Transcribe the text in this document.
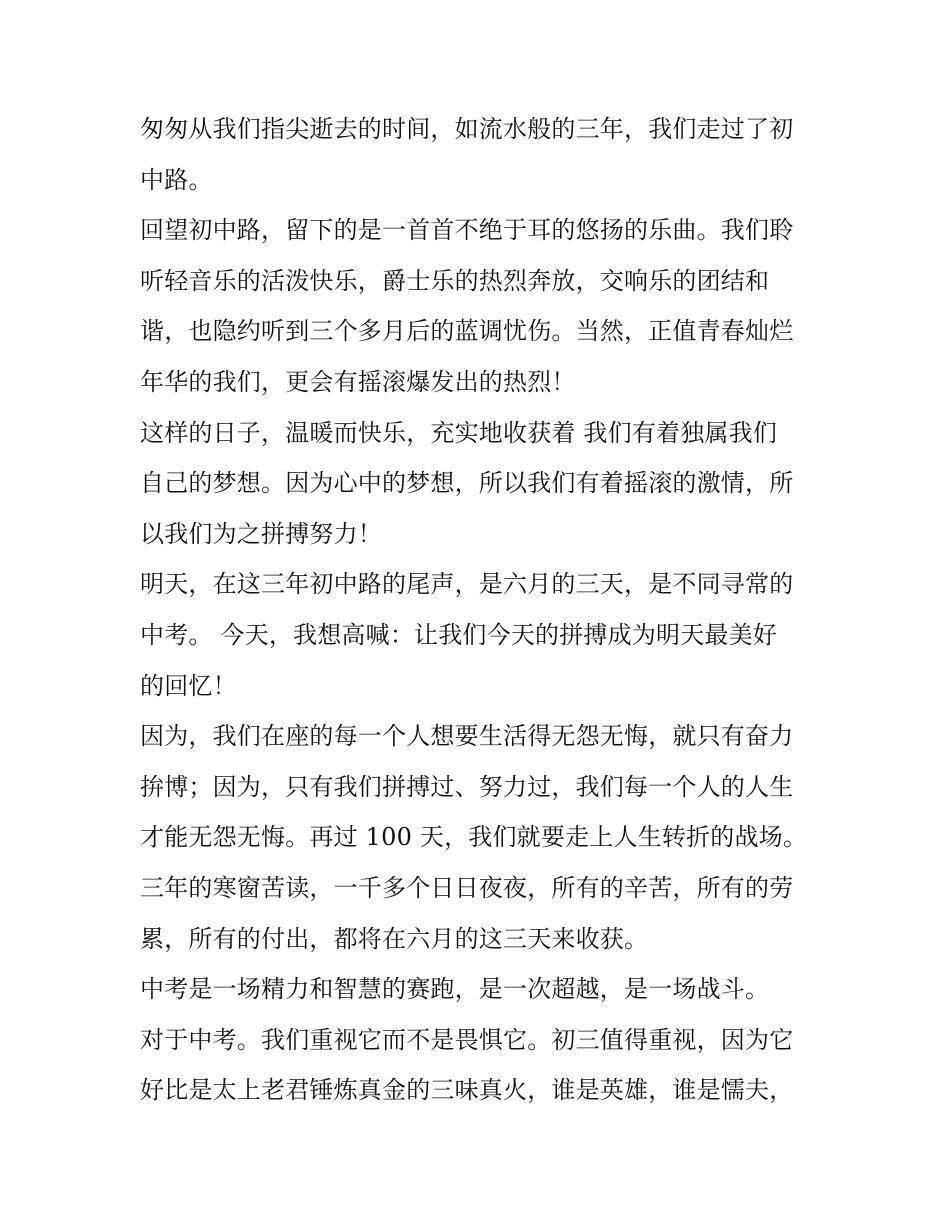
匆匆从我们指尖逝去的时间，如流水般的三年，我们走过了初
中路。
回望初中路，留下的是一首首不绝于耳的悠扬的乐曲。我们聆
听轻音乐的活泼快乐，爵士乐的热烈奔放，交响乐的团结和
谐，也隐约听到三个多月后的蓝调忧伤。当然，正值青春灿烂
年华的我们，更会有摇滚爆发出的热烈！
这样的日子，温暖而快乐，充实地收获着 我们有着独属我们
自己的梦想。因为心中的梦想，所以我们有着摇滚的激情，所
以我们为之拼搏努力！
明天，在这三年初中路的尾声，是六月的三天，是不同寻常的
中考。 今天，我想高喊：让我们今天的拼搏成为明天最美好
的回忆！
因为，我们在座的每一个人想要生活得无怨无悔，就只有奋力
拚博；因为，只有我们拼搏过、努力过，我们每一个人的人生
才能无怨无悔。再过 100 天，我们就要走上人生转折的战场。
三年的寒窗苦读，一千多个日日夜夜，所有的辛苦，所有的劳
累，所有的付出，都将在六月的这三天来收获。
中考是一场精力和智慧的赛跑，是一次超越，是一场战斗。
对于中考。我们重视它而不是畏惧它。初三值得重视，因为它
好比是太上老君锤炼真金的三味真火，谁是英雄，谁是懦夫，
